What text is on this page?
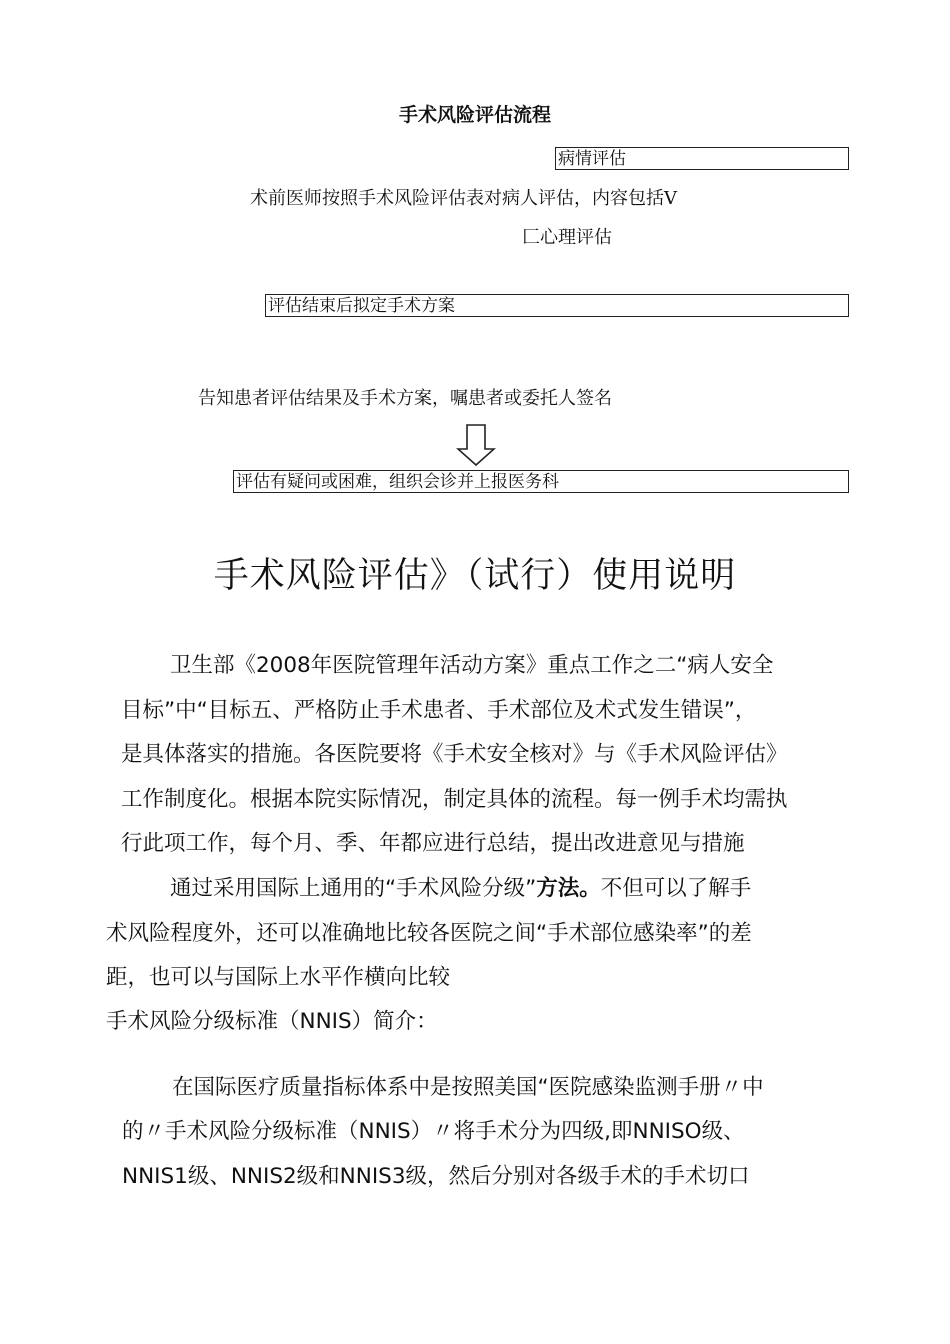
手术风险评估流程
病情评估
术前医师按照手术风险评估表对病人评估，内容包括Ⅴ
匚心理评估
评估结束后拟定手术方案
告知患者评估结果及手术方案，嘱患者或委托人签名
评估有疑问或困难，组织会诊并上报医务科
手术风险评估》（试行）使用说明
卫生部《2008年医院管理年活动方案》重点工作之二“病人安全
目标”中“目标五、严格防止手术患者、手术部位及术式发生错误”，
是具体落实的措施。各医院要将《手术安全核对》与《手术风险评估》
工作制度化。根据本院实际情况，制定具体的流程。每一例手术均需执
行此项工作，每个月、季、年都应进行总结，提出改进意见与措施
通过采用国际上通用的“手术风险分级”方法。不但可以了解手
术风险程度外，还可以准确地比较各医院之间“手术部位感染率”的差
距，也可以与国际上水平作横向比较
手术风险分级标准（NNIS）简介：
在国际医疗质量指标体系中是按照美国“医院感染监测手册〃中
的〃手术风险分级标准（NNIS）〃将手术分为四级,即NNISO级、
NNIS1级、NNIS2级和NNIS3级，然后分别对各级手术的手术切口
